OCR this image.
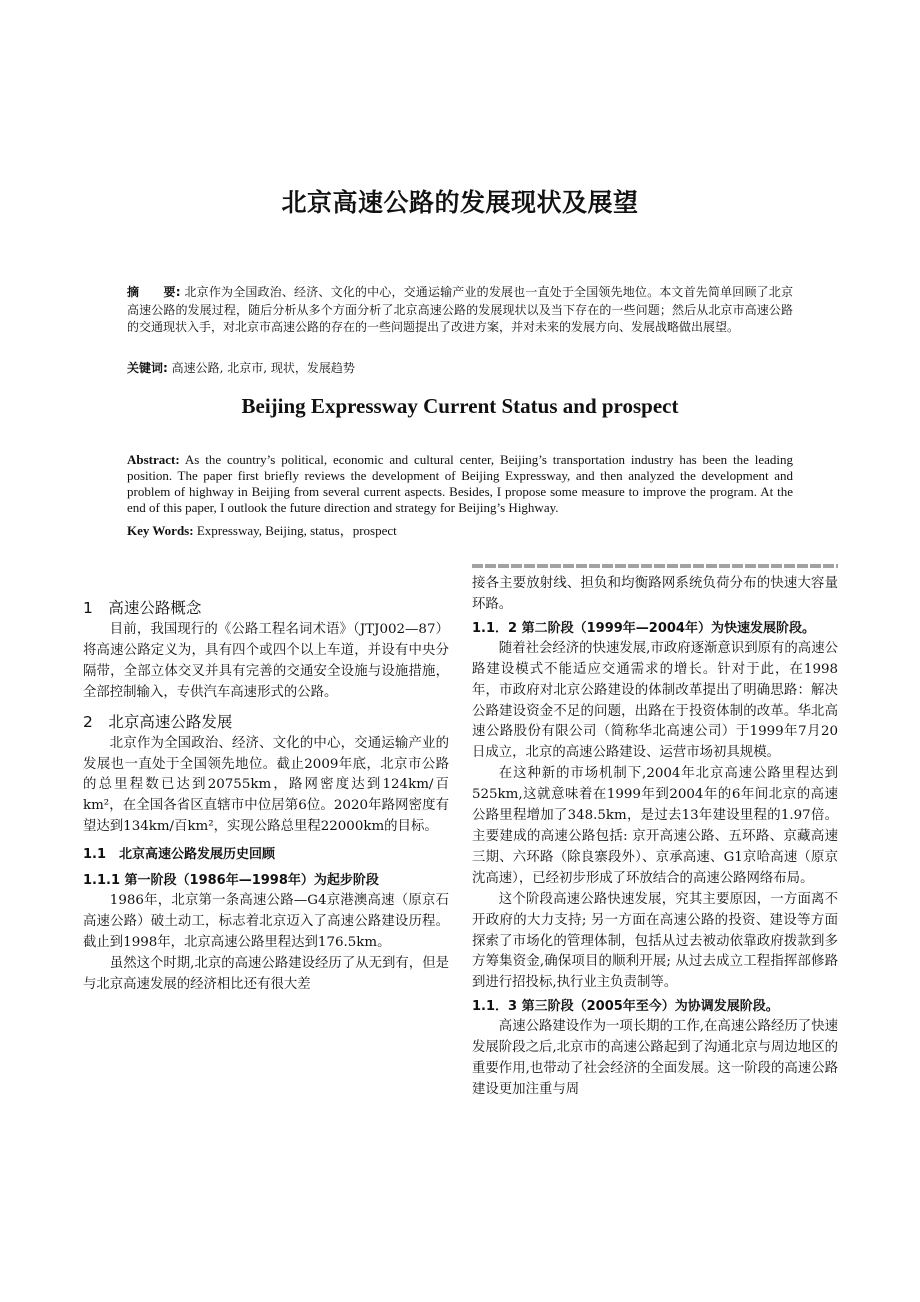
北京高速公路的发展现状及展望
摘　　要: 北京作为全国政治、经济、文化的中心，交通运输产业的发展也一直处于全国领先地位。本文首先简单回顾了北京高速公路的发展过程，随后分析从多个方面分析了北京高速公路的发展现状以及当下存在的一些问题；然后从北京市高速公路的交通现状入手，对北京市高速公路的存在的一些问题提出了改进方案，并对未来的发展方向、发展战略做出展望。
关键词: 高速公路, 北京市, 现状，发展趋势
Beijing Expressway Current Status and prospect
Abstract: As the country’s political, economic and cultural center, Beijing’s transportation industry has been the leading position. The paper first briefly reviews the development of Beijing Expressway, and then analyzed the development and problem of highway in Beijing from several current aspects. Besides, I propose some measure to improve the program. At the end of this paper, I outlook the future direction and strategy for Beijing’s Highway.
Key Words: Expressway, Beijing, status，prospect
1　高速公路概念

目前，我国现行的《公路工程名词术语》（JTJ002—87）将高速公路定义为，具有四个或四个以上车道，并设有中央分隔带，全部立体交叉并具有完善的交通安全设施与设施措施，全部控制输入，专供汽车高速形式的公路。

2　北京高速公路发展

北京作为全国政治、经济、文化的中心，交通运输产业的发展也一直处于全国领先地位。截止2009年底，北京市公路的总里程数已达到20755km，路网密度达到124km/百km²，在全国各省区直辖市中位居第6位。2020年路网密度有望达到134km/百km²，实现公路总里程22000km的目标。

1.1　北京高速公路发展历史回顾
1.1.1 第一阶段（1986年—1998年）为起步阶段

1986年，北京第一条高速公路—G4京港澳高速（原京石高速公路）破土动工，标志着北京迈入了高速公路建设历程。截止到1998年，北京高速公路里程达到176.5km。

虽然这个时期,北京的高速公路建设经历了从无到有，但是与北京高速发展的经济相比还有很大差

接各主要放射线、担负和均衡路网系统负荷分布的快速大容量环路。

1.1．2 第二阶段（1999年—2004年）为快速发展阶段。

随着社会经济的快速发展,市政府逐渐意识到原有的高速公路建设模式不能适应交通需求的增长。针对于此，在1998年，市政府对北京公路建设的体制改革提出了明确思路：解决公路建设资金不足的问题，出路在于投资体制的改革。华北高速公路股份有限公司（简称华北高速公司）于1999年7月20日成立，北京的高速公路建设、运营市场初具规模。

在这种新的市场机制下,2004年北京高速公路里程达到525km,这就意味着在1999年到2004年的6年间北京的高速公路里程增加了348.5km，是过去13年建设里程的1.97倍。主要建成的高速公路包括: 京开高速公路、五环路、京藏高速三期、六环路（除良寨段外）、京承高速、G1京哈高速（原京沈高速），已经初步形成了环放结合的高速公路网络布局。

这个阶段高速公路快速发展，究其主要原因，一方面离不开政府的大力支持; 另一方面在高速公路的投资、建设等方面探索了市场化的管理体制，包括从过去被动依靠政府拨款到多方筹集资金,确保项目的顺利开展; 从过去成立工程指挥部修路到进行招投标,执行业主负责制等。

1.1．3 第三阶段（2005年至今）为协调发展阶段。

高速公路建设作为一项长期的工作,在高速公路经历了快速发展阶段之后,北京市的高速公路起到了沟通北京与周边地区的重要作用,也带动了社会经济的全面发展。这一阶段的高速公路建设更加注重与周
